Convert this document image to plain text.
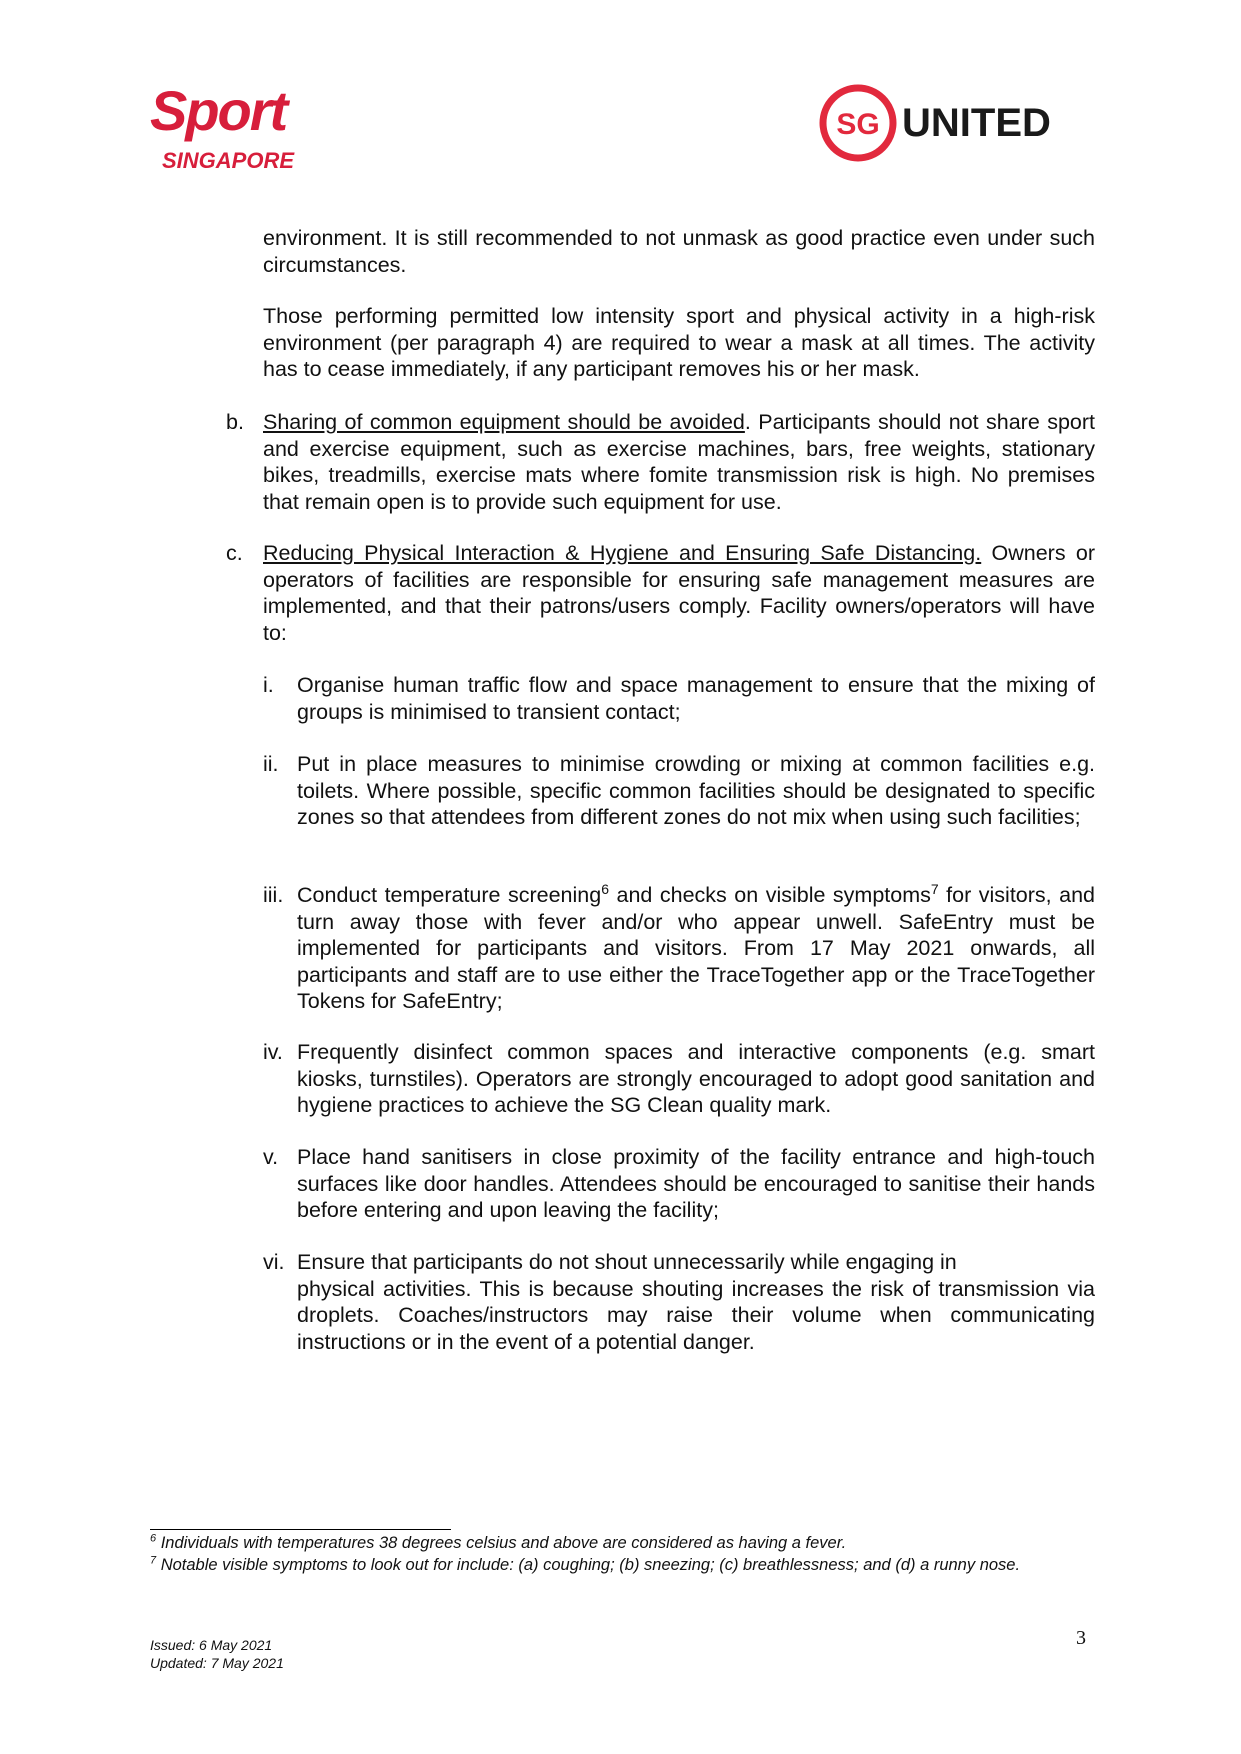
Sport
SINGAPORE
SG UNITED

environment. It is still recommended to not unmask as good practice even under such circumstances.

Those performing permitted low intensity sport and physical activity in a high-risk environment (per paragraph 4) are required to wear a mask at all times. The activity has to cease immediately, if any participant removes his or her mask.

b. Sharing of common equipment should be avoided. Participants should not share sport and exercise equipment, such as exercise machines, bars, free weights, stationary bikes, treadmills, exercise mats where fomite transmission risk is high. No premises that remain open is to provide such equipment for use.
c. Reducing Physical Interaction & Hygiene and Ensuring Safe Distancing. Owners or operators of facilities are responsible for ensuring safe management measures are implemented, and that their patrons/users comply. Facility owners/operators will have to:
i. Organise human traffic flow and space management to ensure that the mixing of groups is minimised to transient contact;
ii. Put in place measures to minimise crowding or mixing at common facilities e.g. toilets. Where possible, specific common facilities should be designated to specific zones so that attendees from different zones do not mix when using such facilities;
iii. Conduct temperature screening$^6$ and checks on visible symptoms$^7$ for visitors, and turn away those with fever and/or who appear unwell. SafeEntry must be implemented for participants and visitors. From 17 May 2021 onwards, all participants and staff are to use either the TraceTogether app or the TraceTogether Tokens for SafeEntry;
iv. Frequently disinfect common spaces and interactive components (e.g. smart kiosks, turnstiles). Operators are strongly encouraged to adopt good sanitation and hygiene practices to achieve the SG Clean quality mark.
v. Place hand sanitisers in close proximity of the facility entrance and high-touch surfaces like door handles. Attendees should be encouraged to sanitise their hands before entering and upon leaving the facility;
vi. Ensure that participants do not shout unnecessarily while engaging in
physical activities. This is because shouting increases the risk of transmission via droplets. Coaches/instructors may raise their volume when communicating instructions or in the event of a potential danger.
$^6$ Individuals with temperatures 38 degrees celsius and above are considered as having a fever.
$^7$ Notable visible symptoms to look out for include: (a) coughing; (b) sneezing; (c) breathlessness; and (d) a runny nose.
3
Issued: 6 May 2021
Updated: 7 May 2021
